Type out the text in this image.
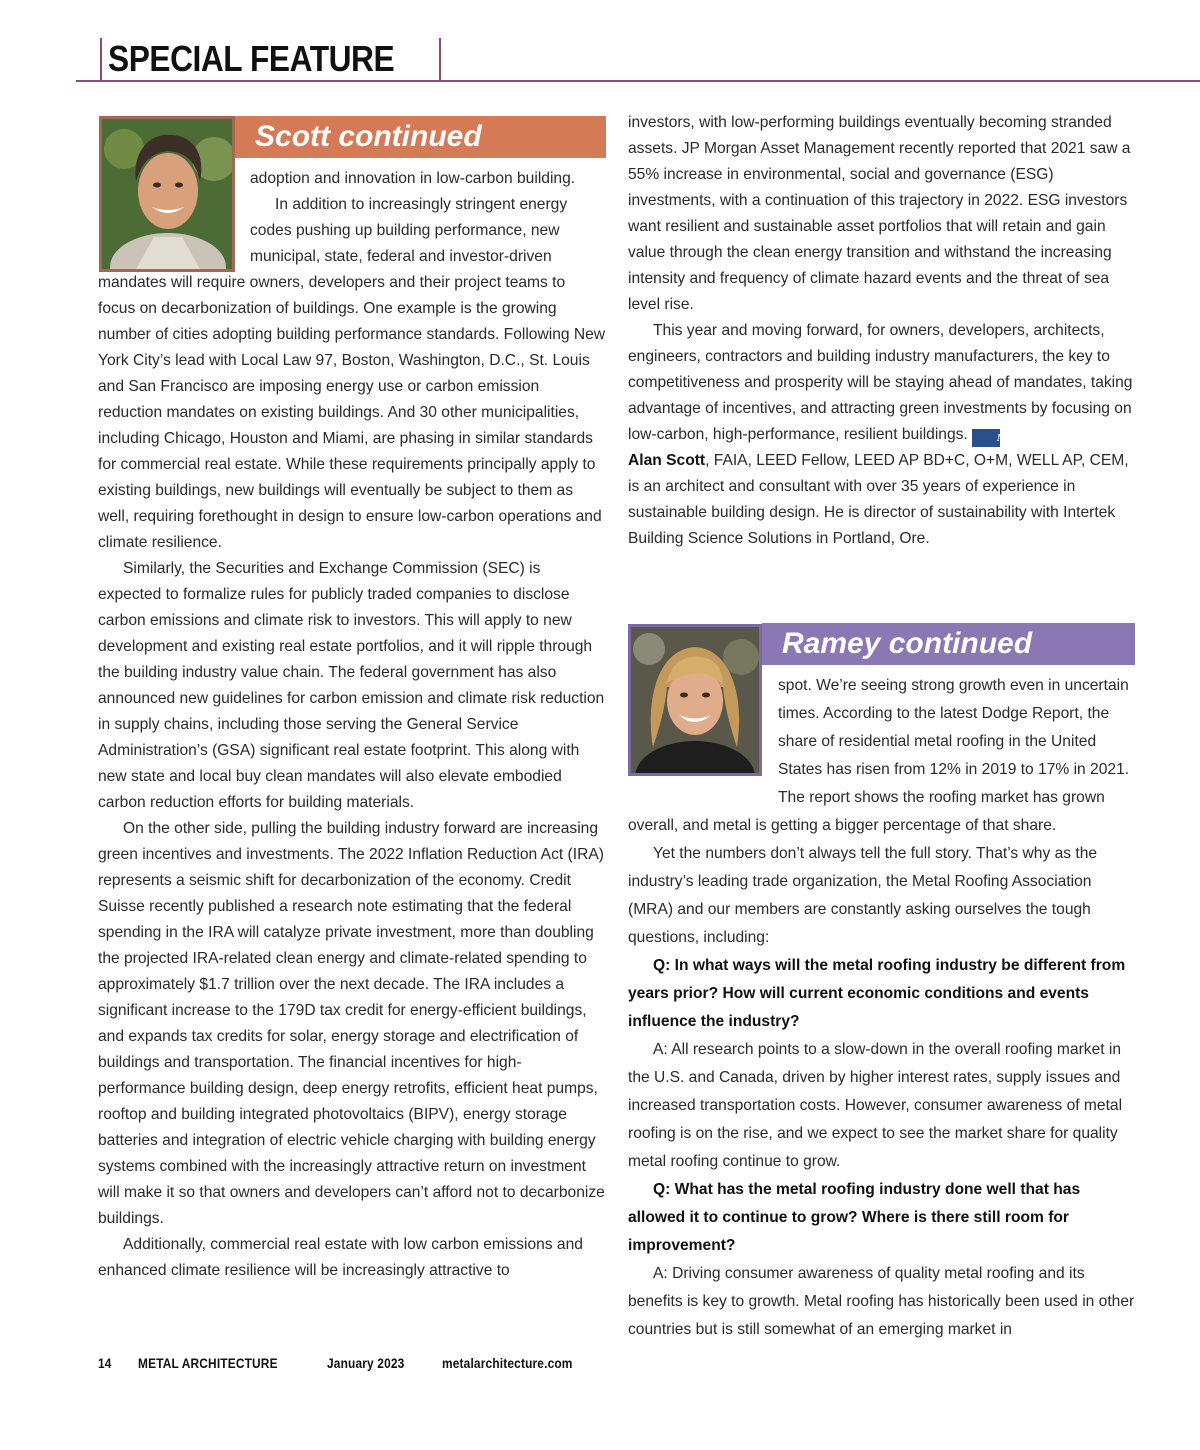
SPECIAL FEATURE
Scott continued
Ramey continued

adoption and innovation in low-carbon building.

In addition to increasingly stringent energy codes pushing up building performance, new municipal, state, federal and investor-driven mandates will require owners, developers and their project teams to focus on decarbonization of buildings. One example is the growing number of cities adopting building performance standards. Following New York City’s lead with Local Law 97, Boston, Washington, D.C., St. Louis and San Francisco are imposing energy use or carbon emission reduction mandates on existing buildings. And 30 other municipalities, including Chicago, Houston and Miami, are phasing in similar standards for commercial real estate. While these requirements principally apply to existing buildings, new buildings will eventually be subject to them as well, requiring forethought in design to ensure low-carbon operations and climate resilience.

Similarly, the Securities and Exchange Commission (SEC) is expected to formalize rules for publicly traded companies to disclose carbon emissions and climate risk to investors. This will apply to new development and existing real estate portfolios, and it will ripple through the building industry value chain. The federal government has also announced new guidelines for carbon emission and climate risk reduction in supply chains, including those serving the General Service Administration’s (GSA) significant real estate footprint. This along with new state and local buy clean mandates will also elevate embodied carbon reduction efforts for building materials.

On the other side, pulling the building industry forward are increasing green incentives and investments. The 2022 Inflation Reduction Act (IRA) represents a seismic shift for decarbonization of the economy. Credit Suisse recently published a research note estimating that the federal spending in the IRA will catalyze private investment, more than doubling the projected IRA-related clean energy and climate-related spending to approximately $1.7 trillion over the next decade. The IRA includes a significant increase to the 179D tax credit for energy-efficient buildings, and expands tax credits for solar, energy storage and electrification of buildings and transportation. The financial incentives for high-performance building design, deep energy retrofits, efficient heat pumps, rooftop and building integrated photovoltaics (BIPV), energy storage batteries and integration of electric vehicle charging with building energy systems combined with the increasingly attractive return on investment will make it so that owners and developers can’t afford not to decarbonize buildings.

Additionally, commercial real estate with low carbon emissions and enhanced climate resilience will be increasingly attractive to

investors, with low-performing buildings eventually becoming stranded assets. JP Morgan Asset Management recently reported that 2021 saw a 55% increase in environmental, social and governance (ESG) investments, with a continuation of this trajectory in 2022. ESG investors want resilient and sustainable asset portfolios that will retain and gain value through the clean energy transition and withstand the increasing intensity and frequency of climate hazard events and the threat of sea level rise.

This year and moving forward, for owners, developers, architects, engineers, contractors and building industry manufacturers, the key to competitiveness and prosperity will be staying ahead of mandates, taking advantage of incentives, and attracting green investments by focusing on low-carbon, high-performance, resilient buildings.	MA

Alan Scott, FAIA, LEED Fellow, LEED AP BD+C, O+M, WELL AP, CEM, is an architect and consultant with over 35 years of experience in sustainable building design. He is director of sustainability with Intertek Building Science Solutions in Portland, Ore.

spot. We’re seeing strong growth even in uncertain times. According to the latest Dodge Report, the share of residential metal roofing in the United States has risen from 12% in 2019 to 17% in 2021. The report shows the roofing market has grown overall, and metal is getting a bigger percentage of that share.

Yet the numbers don’t always tell the full story. That’s why as the industry’s leading trade organization, the Metal Roofing Association (MRA) and our members are constantly asking ourselves the tough questions, including:

Q: In what ways will the metal roofing industry be different from years prior? How will current economic conditions and events influence the industry?

A: All research points to a slow-down in the overall roofing market in the U.S. and Canada, driven by higher interest rates, supply issues and increased transportation costs. However, consumer awareness of metal roofing is on the rise, and we expect to see the market share for quality metal roofing continue to grow.

Q: What has the metal roofing industry done well that has allowed it to continue to grow? Where is there still room for improvement?

A: Driving consumer awareness of quality metal roofing and its benefits is key to growth. Metal roofing has historically been used in other countries but is still somewhat of an emerging market in

14 METAL ARCHITECTURE	January 2023	metalarchitecture.com
